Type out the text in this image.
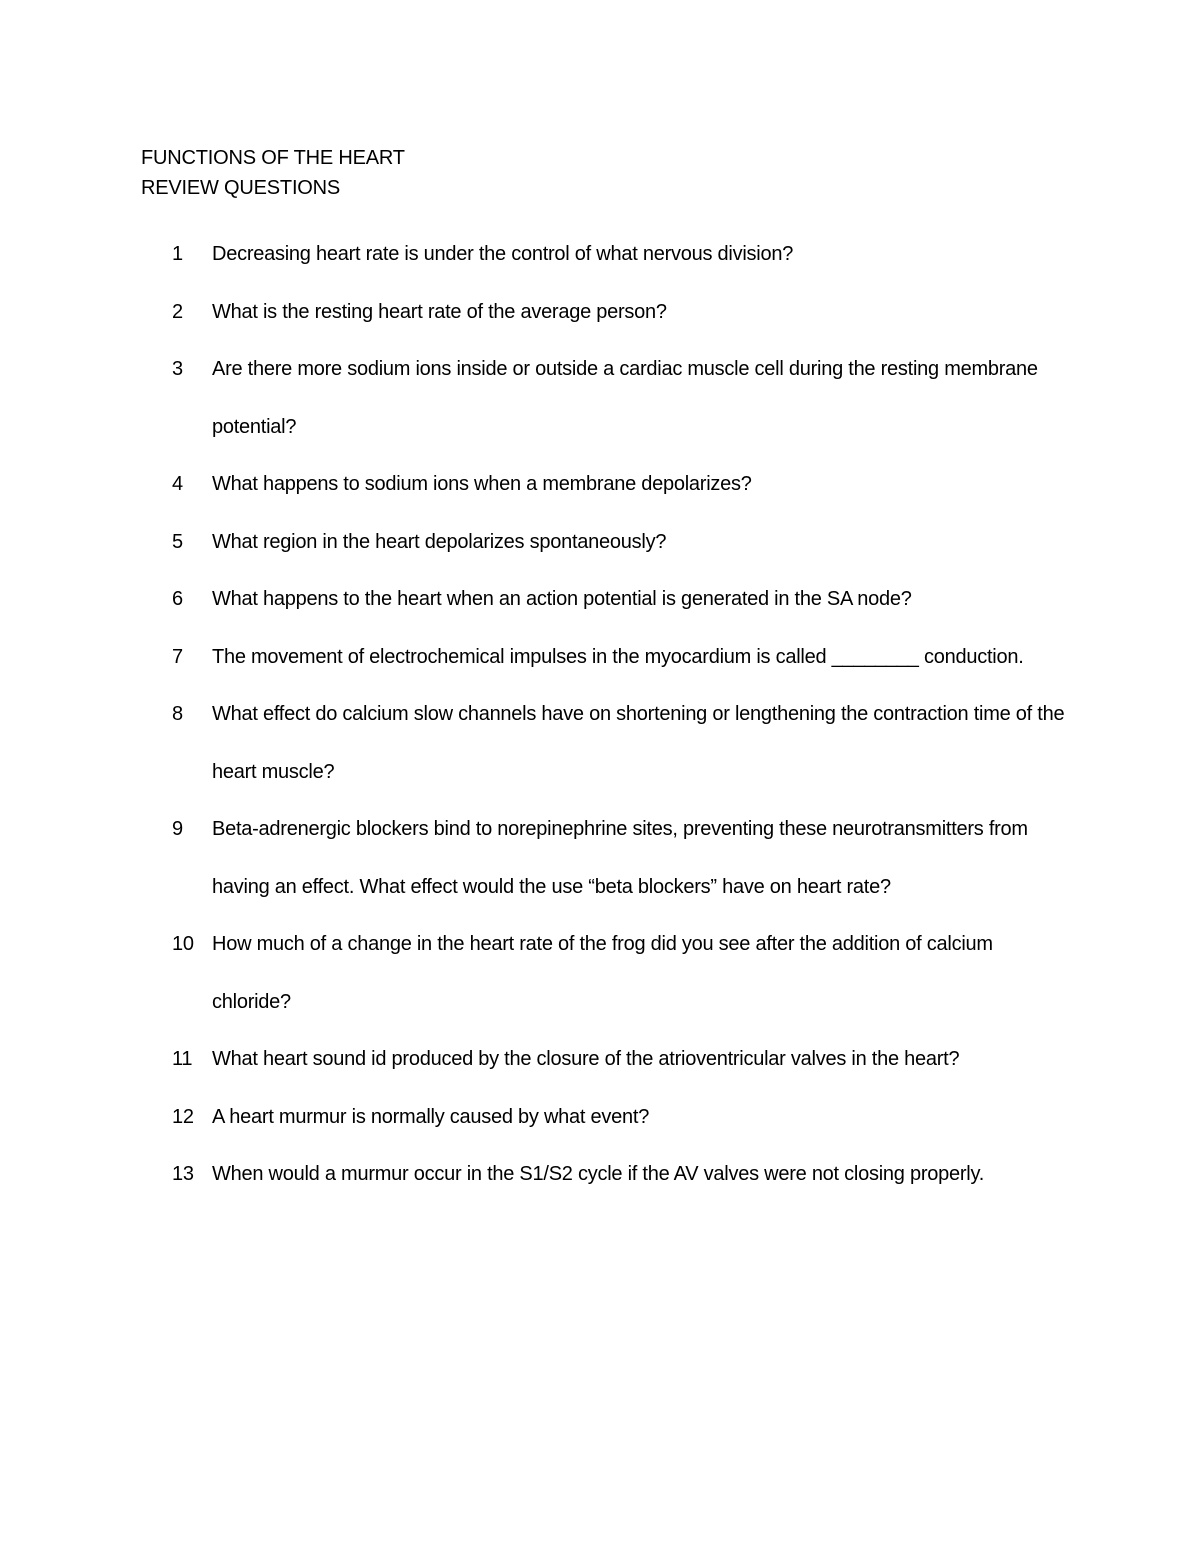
FUNCTIONS OF THE HEART
REVIEW QUESTIONS
1	Decreasing heart rate is under the control of what nervous division?
2	What is the resting heart rate of the average person?
3	Are there more sodium ions inside or outside a cardiac muscle cell during the resting membrane potential?
4	What happens to sodium ions when a membrane depolarizes?
5	What region in the heart depolarizes spontaneously?
6	What happens to the heart when an action potential is generated in the SA node?
7	The movement of electrochemical impulses in the myocardium is called ________ conduction.
8	What effect do calcium slow channels have on shortening or lengthening the contraction time of the heart muscle?
9	Beta-adrenergic blockers bind to norepinephrine sites, preventing these neurotransmitters from having an effect. What effect would the use “beta blockers” have on heart rate?
10 How much of a change in the heart rate of the frog did you see after the addition of calcium chloride?
11 What heart sound id produced by the closure of the atrioventricular valves in the heart?
12 A heart murmur is normally caused by what event?
13 When would a murmur occur in the S1/S2 cycle if the AV valves were not closing properly.
